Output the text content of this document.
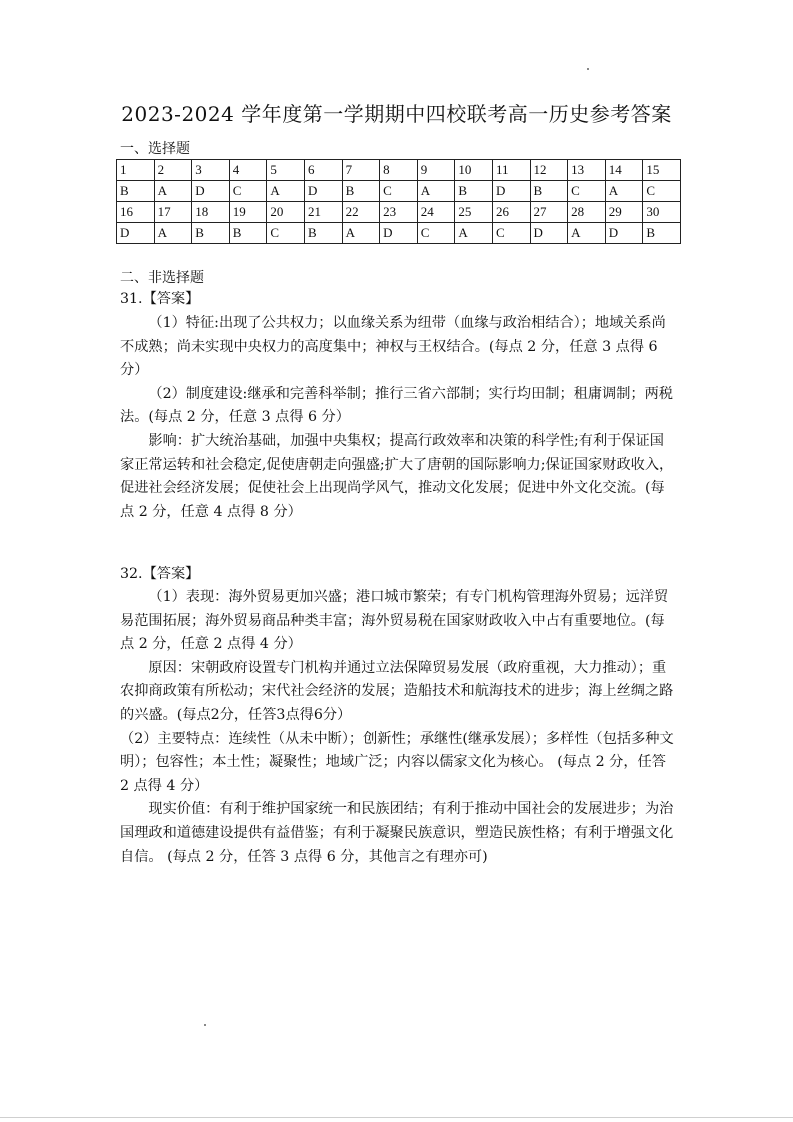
2023-2024 学年度第一学期期中四校联考高一历史参考答案
一、选择题
1	2	3	4	5	6	7	8	9	10	11	12	13	14	15
B	A	D	C	A	D	B	C	A	B	D	B	C	A	C
16	17	18	19	20	21	22	23	24	25	26	27	28	29	30
D	A	B	B	C	B	A	D	C	A	C	D	A	D	B
二、非选择题
31.【答案】

（1）特征:出现了公共权力；以血缘关系为纽带（血缘与政治相结合）；地域关系尚不成熟；尚未实现中央权力的高度集中；神权与王权结合。(每点 2 分，任意 3 点得 6 分）

（2）制度建设:继承和完善科举制；推行三省六部制；实行均田制；租庸调制；两税法。(每点 2 分，任意 3 点得 6 分）

影响：扩大统治基础，加强中央集权；提高行政效率和决策的科学性;有利于保证国家正常运转和社会稳定,促使唐朝走向强盛;扩大了唐朝的国际影响力;保证国家财政收入，促进社会经济发展；促使社会上出现尚学风气，推动文化发展；促进中外文化交流。(每点 2 分，任意 4 点得 8 分）

32.【答案】

（1）表现：海外贸易更加兴盛；港口城市繁荣；有专门机构管理海外贸易；远洋贸易范围拓展；海外贸易商品种类丰富；海外贸易税在国家财政收入中占有重要地位。(每点 2 分，任意 2 点得 4 分）

原因：宋朝政府设置专门机构并通过立法保障贸易发展（政府重视，大力推动）；重农抑商政策有所松动；宋代社会经济的发展；造船技术和航海技术的进步；海上丝绸之路的兴盛。(每点2分，任答3点得6分）

（2）主要特点：连续性（从未中断）；创新性；承继性(继承发展）；多样性（包括多种文明）；包容性；本土性；凝聚性；地域广泛；内容以儒家文化为核心。 (每点 2 分，任答 2 点得 4 分）

现实价值：有利于维护国家统一和民族团结；有利于推动中国社会的发展进步；为治国理政和道德建设提供有益借鉴；有利于凝聚民族意识，塑造民族性格；有利于增强文化自信。 (每点 2 分，任答 3 点得 6 分，其他言之有理亦可)
